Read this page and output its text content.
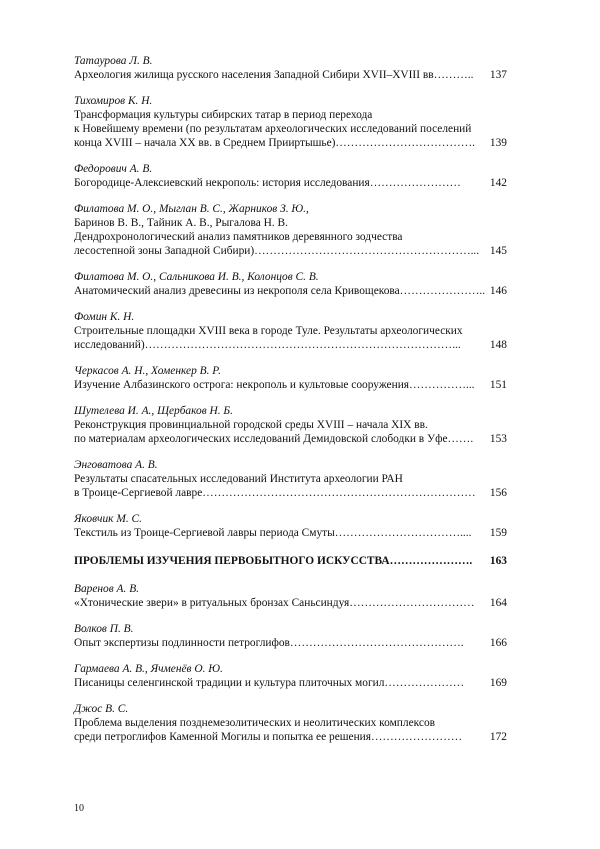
Татаурова Л. В.
Археология жилища русского населения Западной Сибири XVII–XVIII вв……….. 137
Тихомиров К. Н.
Трансформация культуры сибирских татар в период перехода
к Новейшему времени (по результатам археологических исследований поселений
конца XVIII – начала XX вв. в Среднем Прииртышье)………………………………. 139
Федорович А. В.
Богородице-Алексиевский некрополь: история исследования……………………	142
Филатова М. О., Мыглан В. С., Жарников З. Ю.,
Баринов В. В., Тайник А. В., Рыгалова Н. В.
Дендрохронологический анализ памятников деревянного зодчества
лесостепной зоны Западной Сибири)…………………………………………………... 145
Филатова М. О., Сальникова И. В., Колонцов С. В.
Анатомический анализ древесины из некрополя села Кривощекова………………….. 146
Фомин К. Н.
Строительные площадки XVIII века в городе Туле. Результаты археологических
исследований)………………………………………………………………………...	148
Черкасов А. Н., Хоменкер В. Р.
Изучение Албазинского острога: некрополь и культовые сооружения……………... 151
Шутелева И. А., Щербаков Н. Б.
Реконструкция провинциальной городской среды XVIII – начала XIX вв.
по материалам археологических исследований Демидовской слободки в Уфе……. 153
Энговатова А. В.
Результаты спасательных исследований Института археологии РАН
в Троице-Сергиевой лавре……………………………………………………………… 156
Яковчик М. С.
Текстиль из Троице-Сергиевой лавры периода Смуты…………………………….... 159
ПРОБЛЕМЫ ИЗУЧЕНИЯ ПЕРВОБЫТНОГО ИСКУССТВА…………………. 163
Варенов А. В.
«Хтонические звери» в ритуальных бронзах Саньсиндуя…………………………… 164
Волков П. В.
Опыт экспертизы подлинности петроглифов………………………………………. 166
Гармаева А. В., Ячменёв О. Ю.
Писаницы селенгинской традиции и культура плиточных могил………………… 169
Джос В. С.
Проблема выделения позднемезолитических и неолитических комплексов
среди петроглифов Каменной Могилы и попытка ее решения…………………… 172
10
